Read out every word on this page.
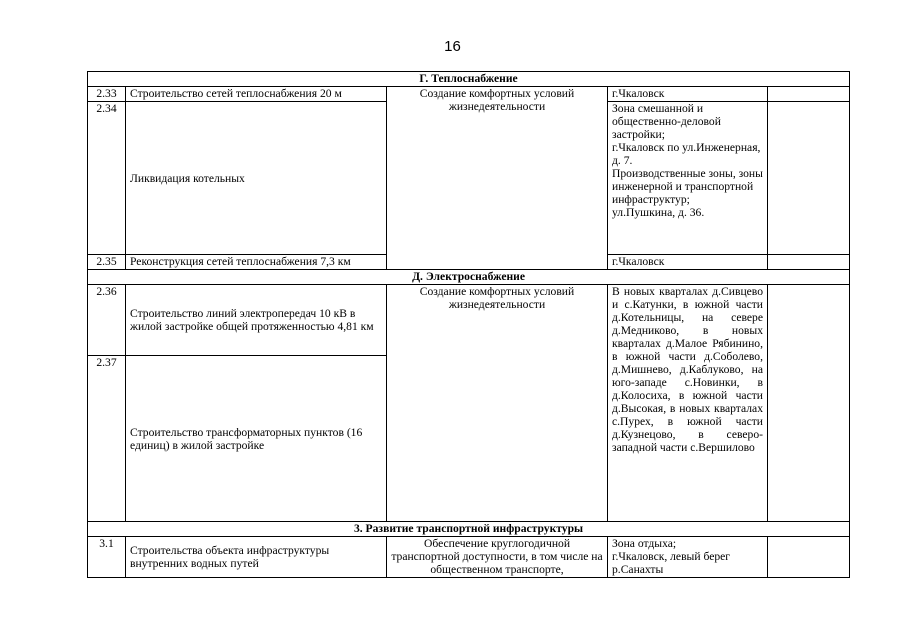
16
Г. Теплоснабжение				
2.33	Строительство сетей теплоснабжения 20 м	Создание комфортных условий жизнедеятельности	г.Чкаловск	
2.34	Ликвидация котельных		Зона смешанной и общественно-деловой застройки;
г.Чкаловск по ул.Инженерная, д. 7.
Производственные зоны, зоны инженерной и транспортной инфраструктур;
ул.Пушкина, д. 36.	
2.35	Реконструкция сетей теплоснабжения 7,3 км		г.Чкаловск	
Д. Электроснабжение				
2.36	Строительство линий электропередач 10 кВ в жилой застройке общей протяженностью 4,81 км	Создание комфортных условий жизнедеятельности	В новых кварталах д.Сивцево и с.Катунки, в южной части д.Котельницы, на севере д.Медниково, в новых кварталах д.Малое Рябинино, в южной части д.Соболево, д.Мишнево, д.Каблуково, на юго-западе с.Новинки, в д.Колосиха, в южной части д.Высокая, в новых кварталах с.Пурех, в южной части д.Кузнецово, в северо-западной части с.Вершилово	
2.37	Строительство трансформаторных пунктов (16 единиц) в жилой застройке			
3. Развитие транспортной инфраструктуры				
3.1	Строительства объекта инфраструктуры внутренних водных путей	Обеспечение круглогодичной транспортной доступности, в том числе на общественном транспорте,	Зона отдыха;
г.Чкаловск, левый берег р.Санахты	
